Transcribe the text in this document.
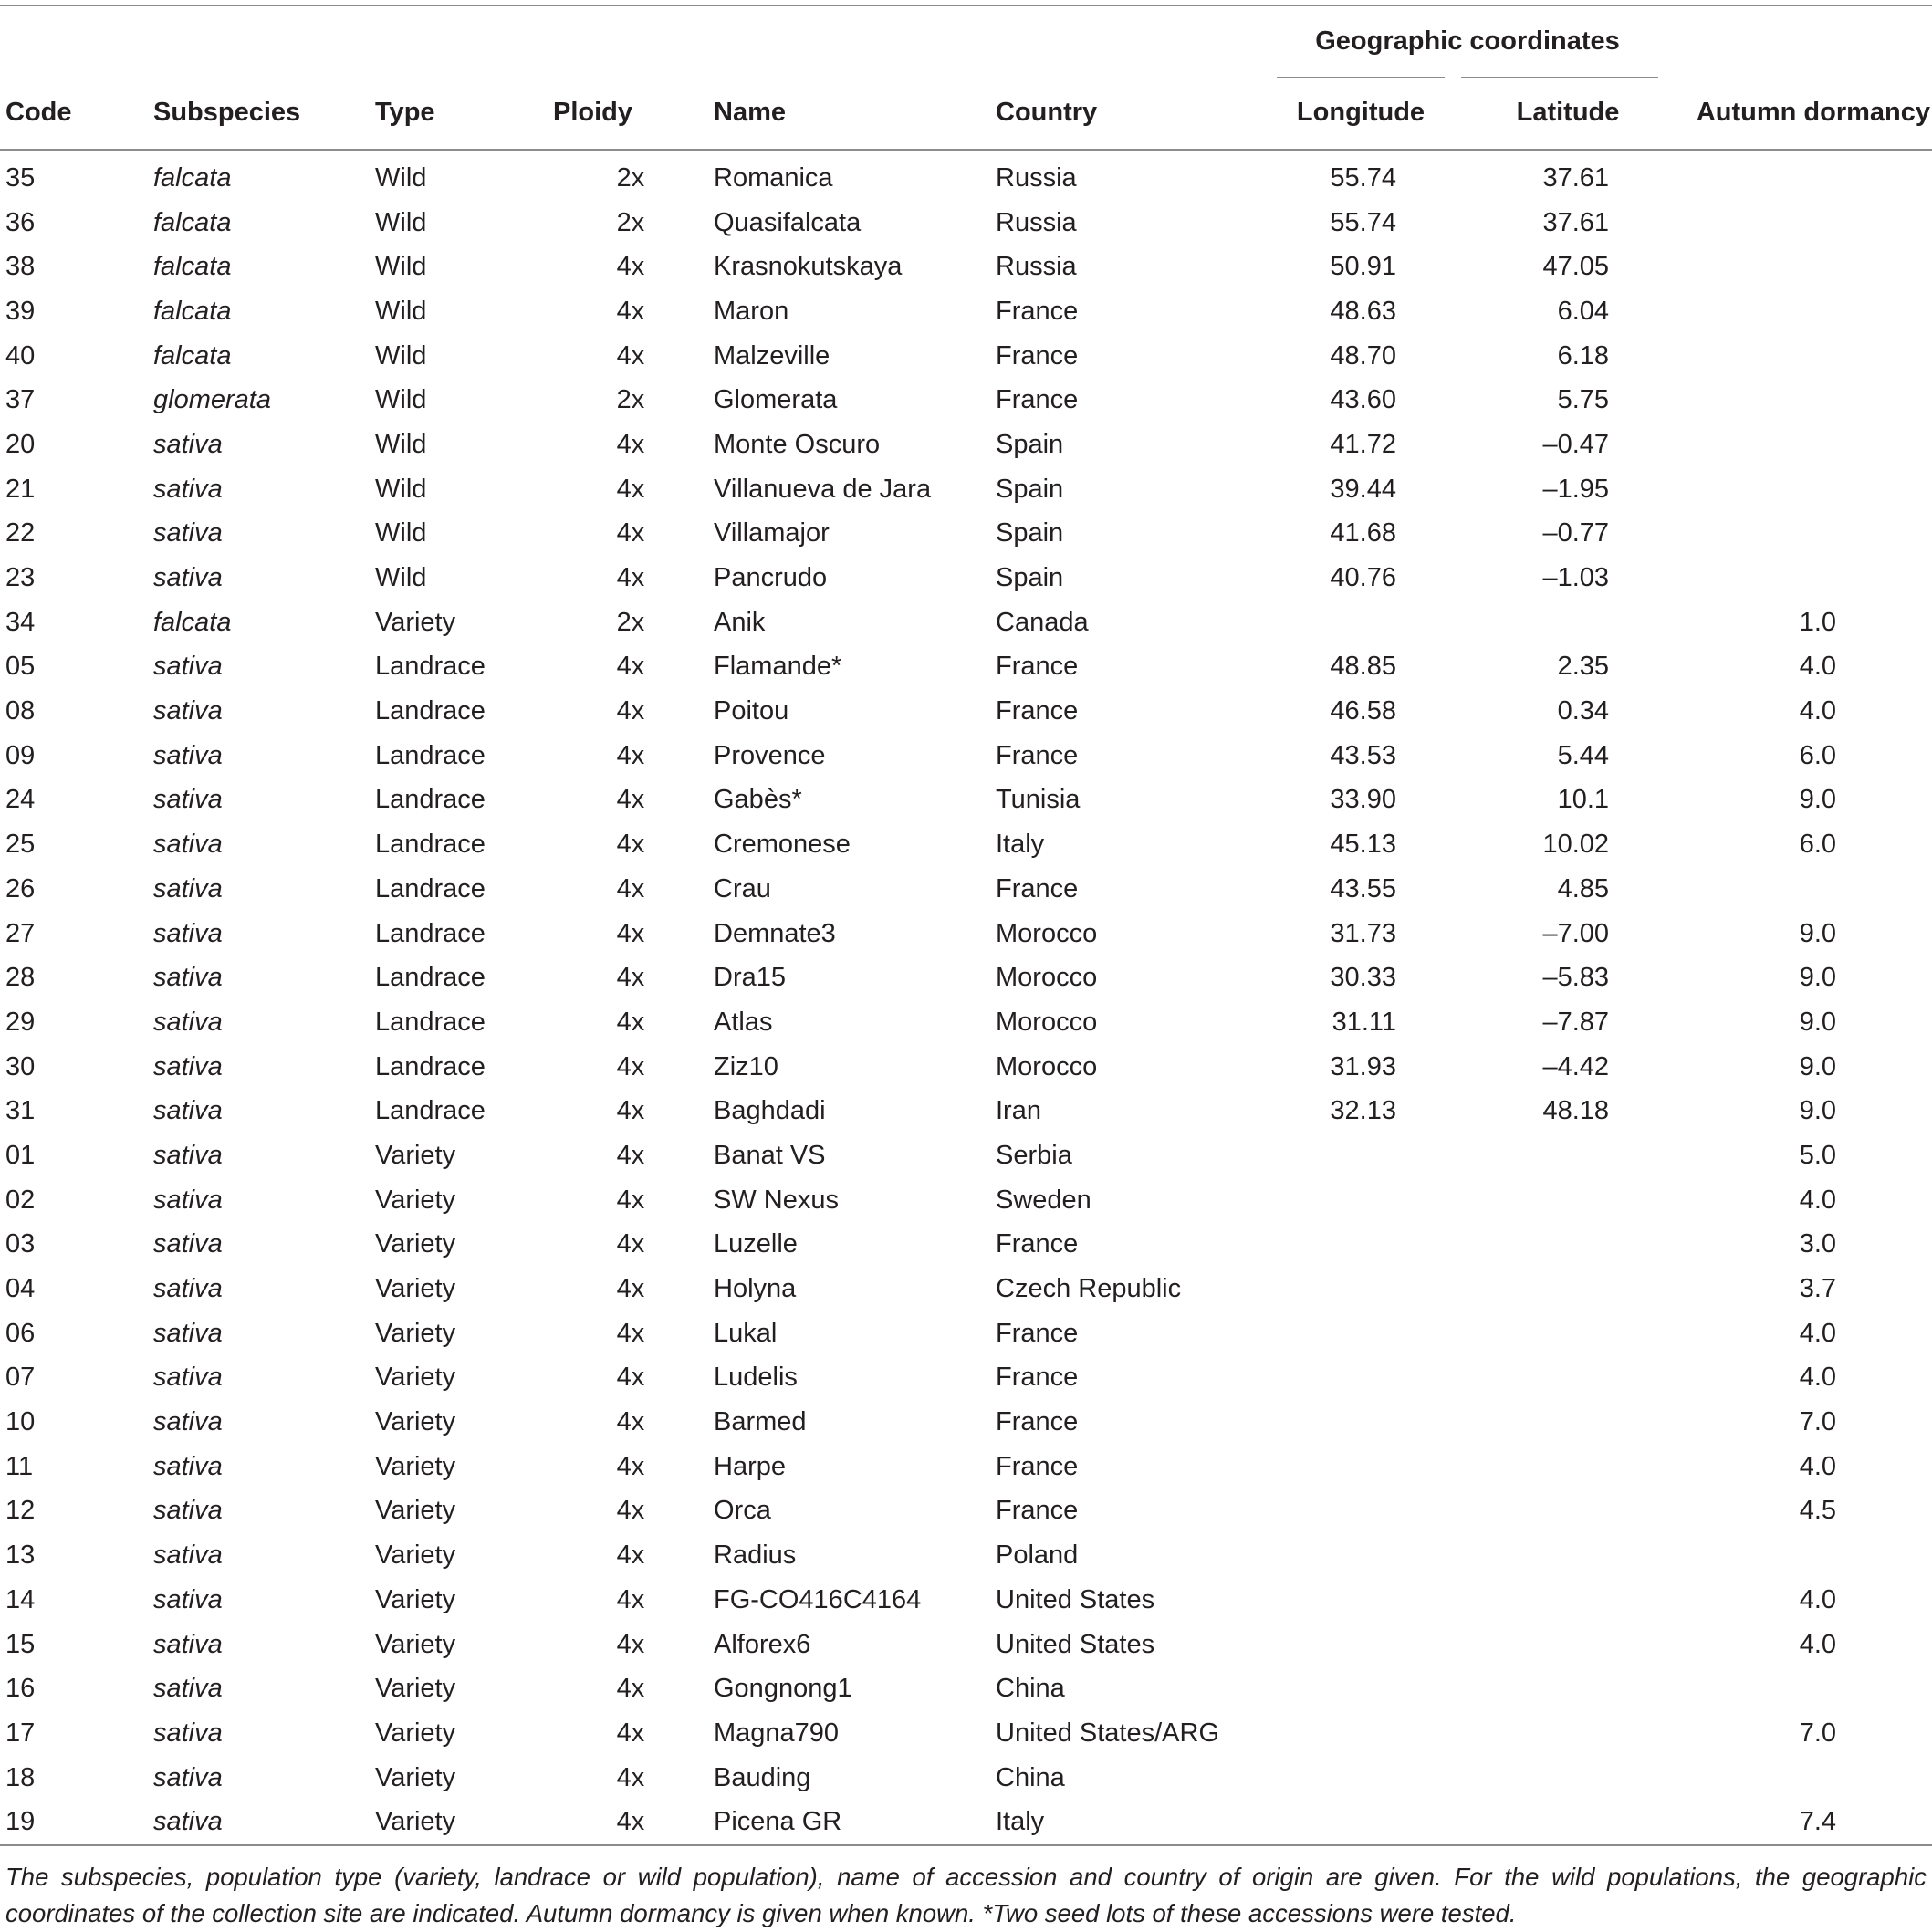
						Geographic coordinates		
Code	Subspecies	Type	Ploidy	Name	Country	Longitude	Latitude	Autumn dormancy
35	falcata	Wild	2x	Romanica	Russia	55.74	37.61	
36	falcata	Wild	2x	Quasifalcata	Russia	55.74	37.61	
38	falcata	Wild	4x	Krasnokutskaya	Russia	50.91	47.05	
39	falcata	Wild	4x	Maron	France	48.63	6.04	
40	falcata	Wild	4x	Malzeville	France	48.70	6.18	
37	glomerata	Wild	2x	Glomerata	France	43.60	5.75	
20	sativa	Wild	4x	Monte Oscuro	Spain	41.72	–0.47	
21	sativa	Wild	4x	Villanueva de Jara	Spain	39.44	–1.95	
22	sativa	Wild	4x	Villamajor	Spain	41.68	–0.77	
23	sativa	Wild	4x	Pancrudo	Spain	40.76	–1.03	
34	falcata	Variety	2x	Anik	Canada			1.0
05	sativa	Landrace	4x	Flamande*	France	48.85	2.35	4.0
08	sativa	Landrace	4x	Poitou	France	46.58	0.34	4.0
09	sativa	Landrace	4x	Provence	France	43.53	5.44	6.0
24	sativa	Landrace	4x	Gabès*	Tunisia	33.90	10.1	9.0
25	sativa	Landrace	4x	Cremonese	Italy	45.13	10.02	6.0
26	sativa	Landrace	4x	Crau	France	43.55	4.85	
27	sativa	Landrace	4x	Demnate3	Morocco	31.73	–7.00	9.0
28	sativa	Landrace	4x	Dra15	Morocco	30.33	–5.83	9.0
29	sativa	Landrace	4x	Atlas	Morocco	31.11	–7.87	9.0
30	sativa	Landrace	4x	Ziz10	Morocco	31.93	–4.42	9.0
31	sativa	Landrace	4x	Baghdadi	Iran	32.13	48.18	9.0
01	sativa	Variety	4x	Banat VS	Serbia			5.0
02	sativa	Variety	4x	SW Nexus	Sweden			4.0
03	sativa	Variety	4x	Luzelle	France			3.0
04	sativa	Variety	4x	Holyna	Czech Republic			3.7
06	sativa	Variety	4x	Lukal	France			4.0
07	sativa	Variety	4x	Ludelis	France			4.0
10	sativa	Variety	4x	Barmed	France			7.0
11	sativa	Variety	4x	Harpe	France			4.0
12	sativa	Variety	4x	Orca	France			4.5
13	sativa	Variety	4x	Radius	Poland			
14	sativa	Variety	4x	FG-CO416C4164	United States			4.0
15	sativa	Variety	4x	Alforex6	United States			4.0
16	sativa	Variety	4x	Gongnong1	China			
17	sativa	Variety	4x	Magna790	United States/ARG			7.0
18	sativa	Variety	4x	Bauding	China			
19	sativa	Variety	4x	Picena GR	Italy			7.4
The subspecies, population type (variety, landrace or wild population), name of accession and country of origin are given. For the wild populations, the geographic coordinates of the collection site are indicated. Autumn dormancy is given when known. *Two seed lots of these accessions were tested.
